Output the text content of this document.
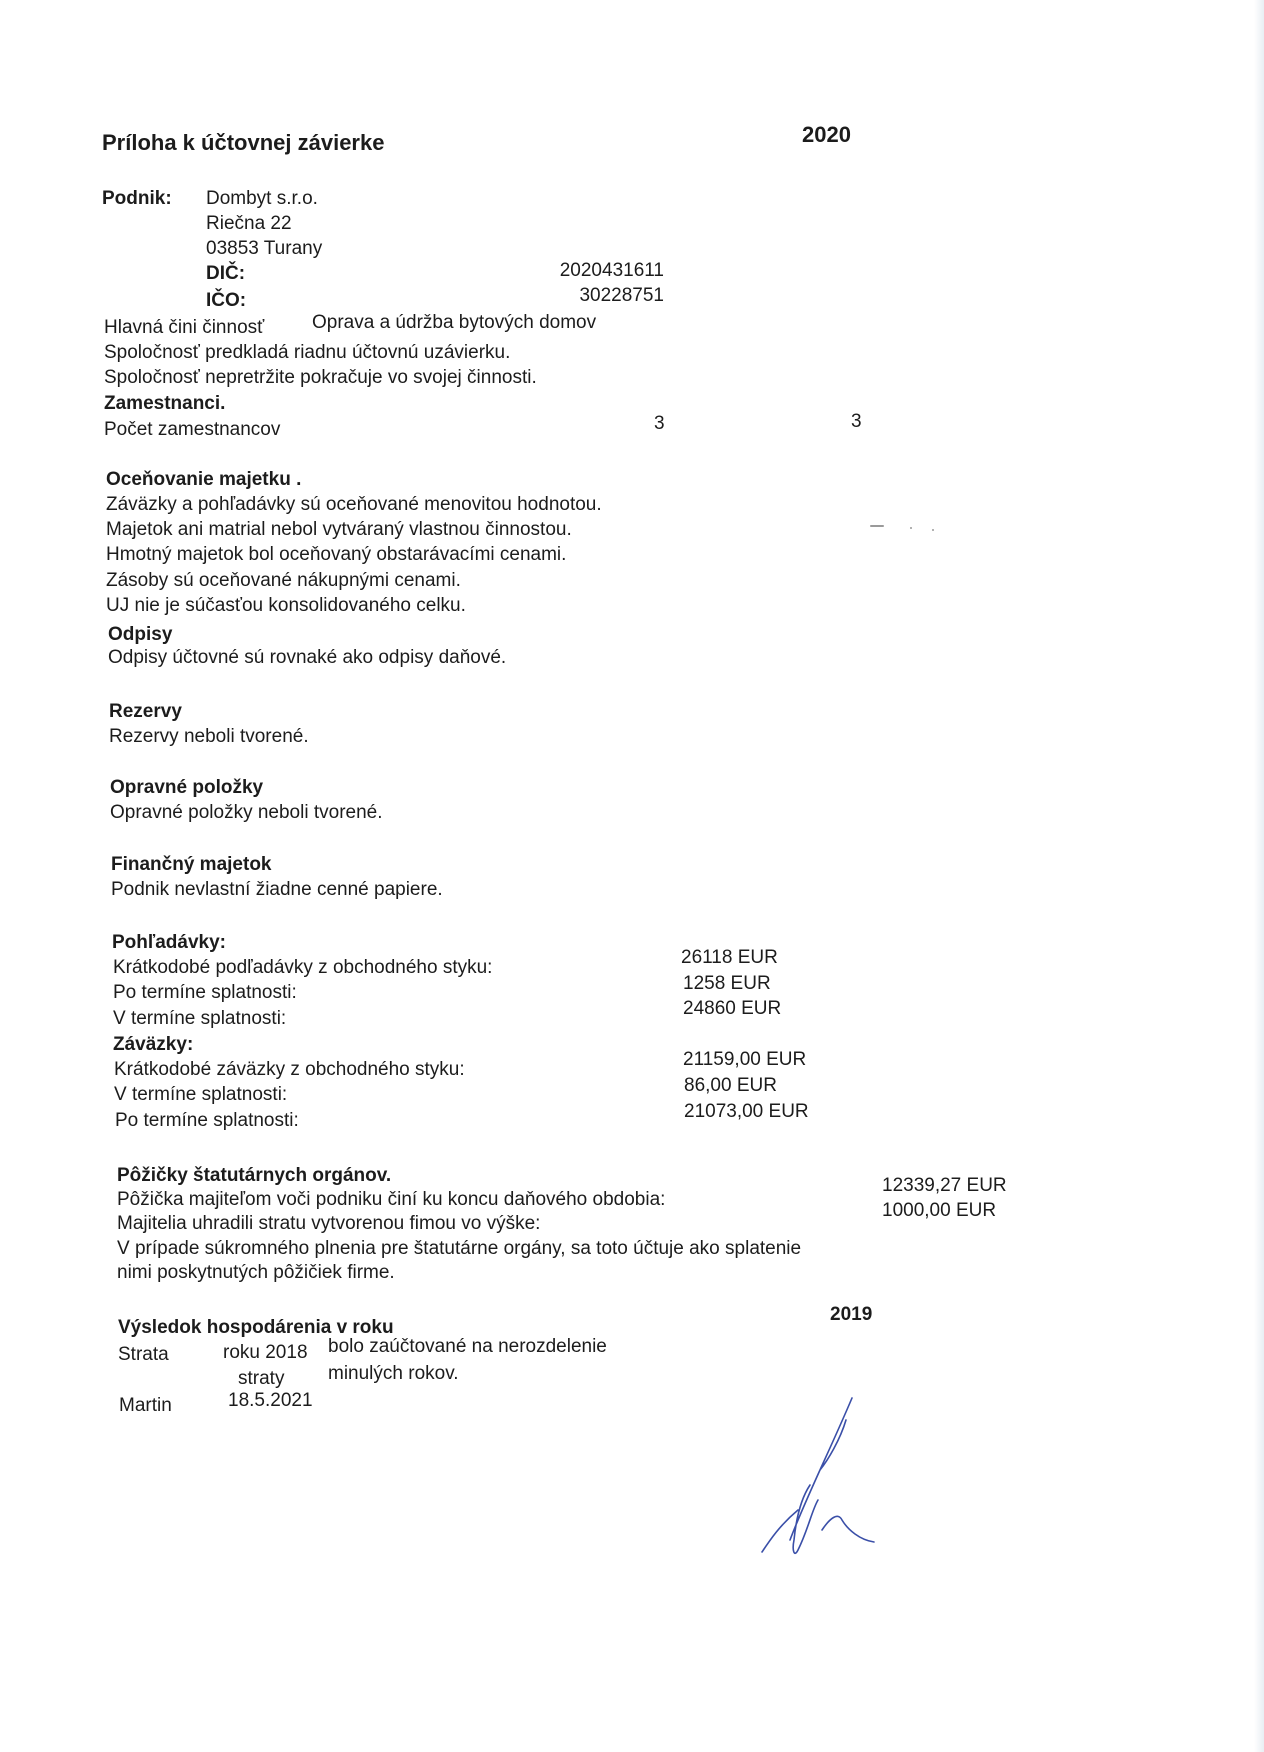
Príloha k účtovnej závierke	2020
Podnik: Dombyt s.r.o.
Riečna 22
03853 Turany
DIČ:	2020431611
IČO:	30228751
Hlavná čini činnosť	Oprava a údržba bytových domov
Spoločnosť predkladá riadnu účtovnú uzávierku.
Spoločnosť nepretržite pokračuje vo svojej činnosti.
Zamestnanci.
Počet zamestnancov	3	3
Oceňovanie majetku .
Záväzky a pohľadávky sú oceňované menovitou hodnotou.
Majetok ani matrial nebol vytváraný vlastnou činnostou.
Hmotný majetok bol oceňovaný obstarávacími cenami.
Zásoby sú oceňované nákupnými cenami.
UJ nie je súčasťou konsolidovaného celku.
Odpisy
Odpisy účtovné sú rovnaké ako odpisy daňové.
Rezervy
Rezervy neboli tvorené.
Opravné položky
Opravné položky neboli tvorené.
Finančný majetok
Podnik nevlastní žiadne cenné papiere.
Pohľadávky:
Krátkodobé podľadávky z obchodného styku:	26118 EUR
Po termíne splatnosti:	1258 EUR
V termíne splatnosti:	24860 EUR
Záväzky:
Krátkodobé záväzky z obchodného styku:	21159,00 EUR
V termíne splatnosti:	86,00 EUR
Po termíne splatnosti:	21073,00 EUR
Pôžičky štatutárnych orgánov.
Pôžička majiteľom voči podniku činí ku koncu daňového obdobia:
12339,27 EUR
Majitelia uhradili stratu vytvorenou fimou vo výške:
1000,00 EUR
V prípade súkromného plnenia pre štatutárne orgány, sa toto účtuje ako splatenie
nimi poskytnutých pôžičiek firme.
Výsledok hospodárenia v roku
2019
Strata	roku 2018 bolo zaúčtované na nerozdelenie
straty minulých rokov.
Martin	18.5.2021
